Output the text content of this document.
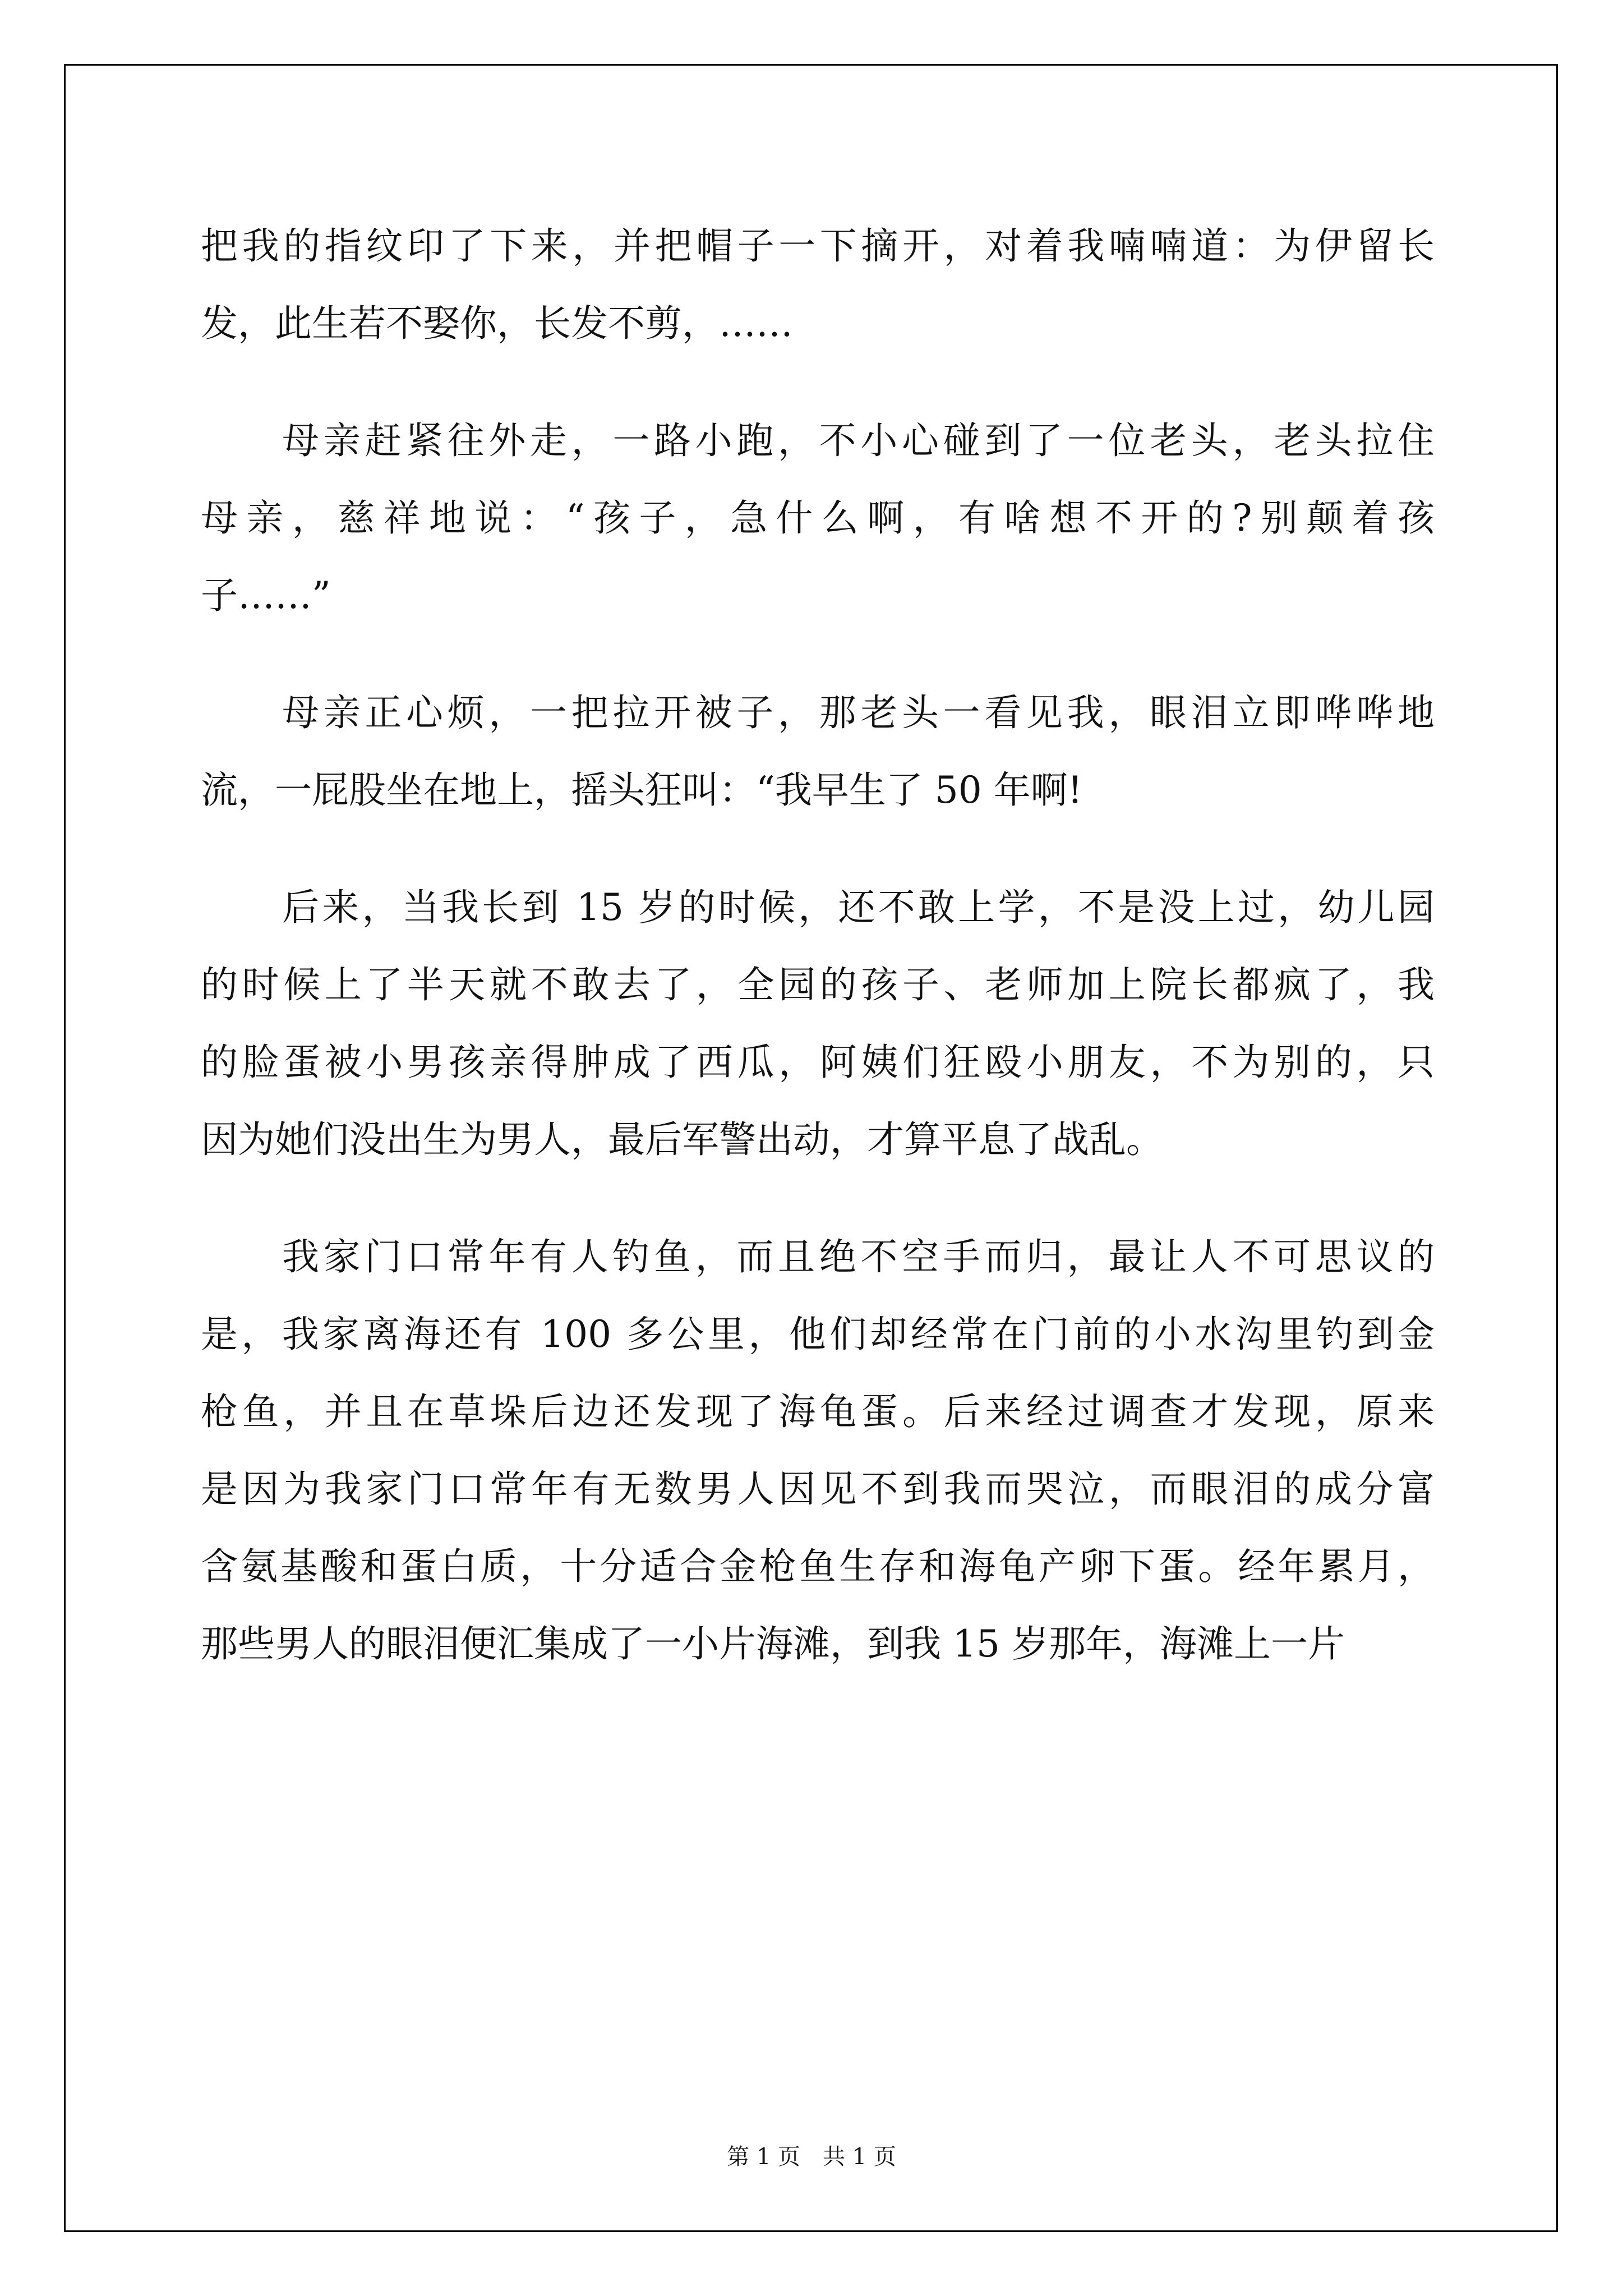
把我的指纹印了下来，并把帽子一下摘开，对着我喃喃道：为伊留长
发，此生若不娶你，长发不剪，……
母亲赶紧往外走，一路小跑，不小心碰到了一位老头，老头拉住
母亲，慈祥地说：“孩子，急什么啊，有啥想不开的?别颠着孩
子……”
母亲正心烦，一把拉开被子，那老头一看见我，眼泪立即哗哗地
流，一屁股坐在地上，摇头狂叫：“我早生了 50 年啊!
后来，当我长到 15 岁的时候，还不敢上学，不是没上过，幼儿园
的时候上了半天就不敢去了，全园的孩子、老师加上院长都疯了，我
的脸蛋被小男孩亲得肿成了西瓜，阿姨们狂殴小朋友，不为别的，只
因为她们没出生为男人，最后军警出动，才算平息了战乱。
我家门口常年有人钓鱼，而且绝不空手而归，最让人不可思议的
是，我家离海还有 100 多公里，他们却经常在门前的小水沟里钓到金
枪鱼，并且在草垛后边还发现了海龟蛋。后来经过调查才发现，原来
是因为我家门口常年有无数男人因见不到我而哭泣，而眼泪的成分富
含氨基酸和蛋白质，十分适合金枪鱼生存和海龟产卵下蛋。经年累月，
那些男人的眼泪便汇集成了一小片海滩，到我 15 岁那年，海滩上一片
第 1 页 共 1 页
